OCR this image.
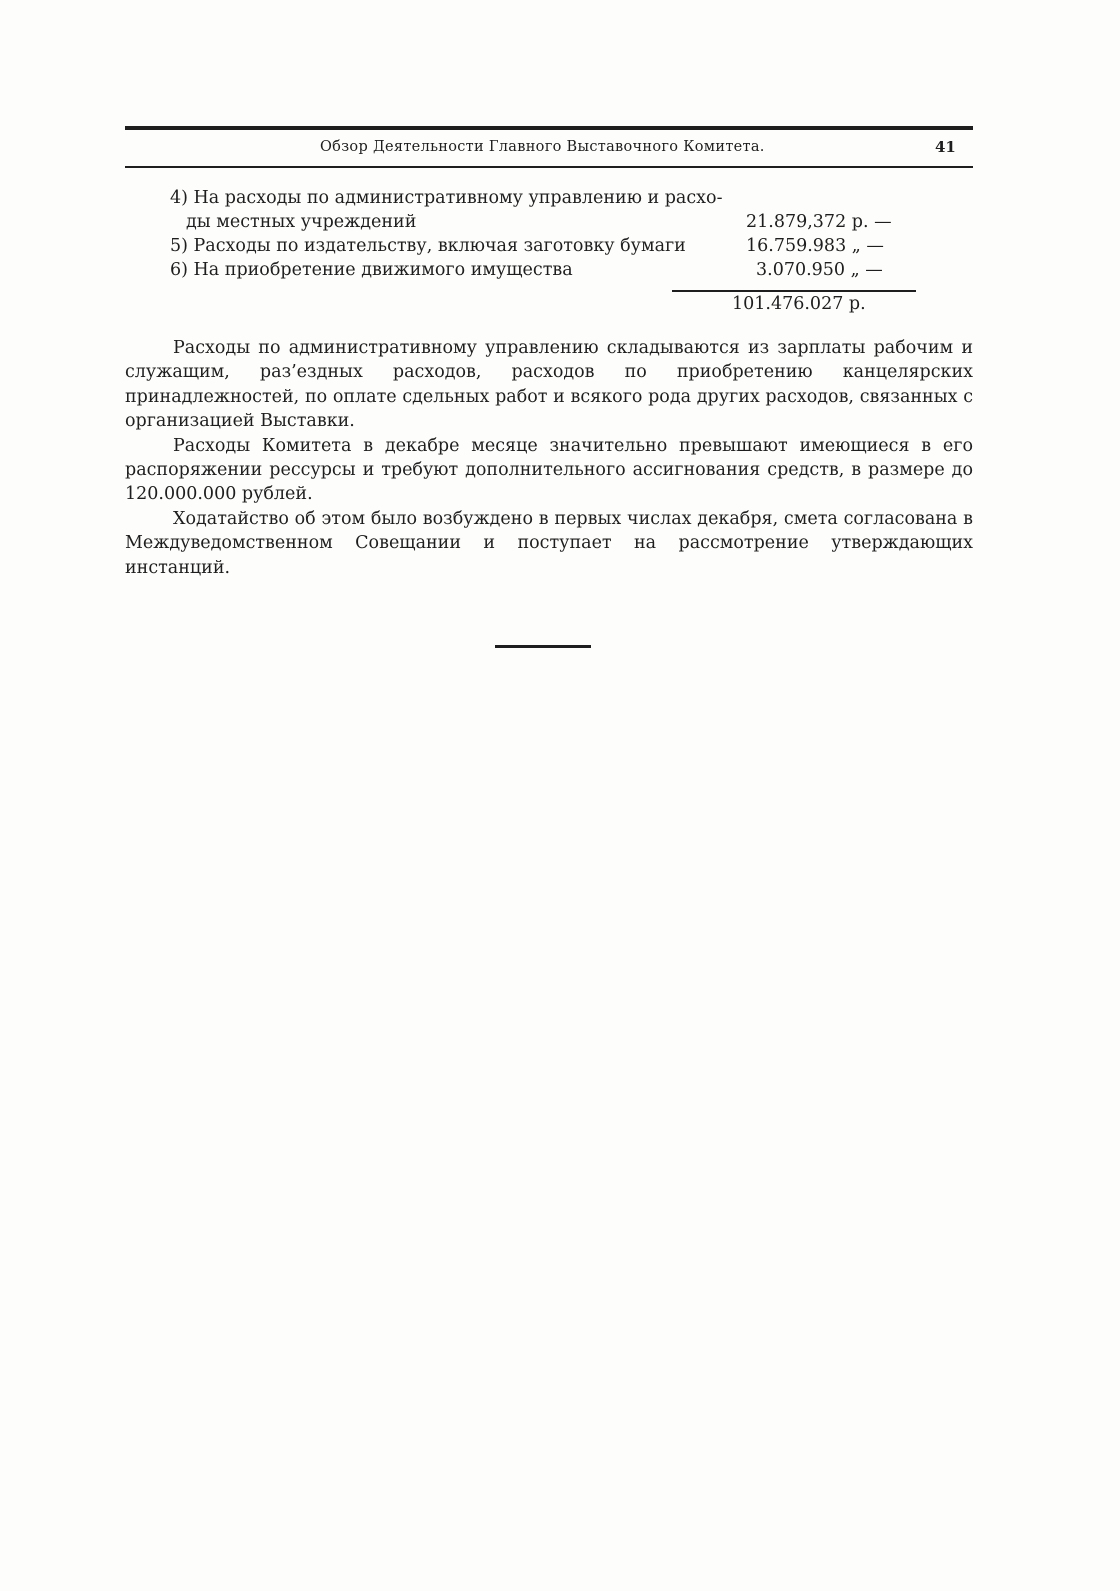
Обзор Деятельности Главного Выставочного Комитета.	41
4) На расходы по административному управлению и расхо-
ды местных учреждений	21.879,372 р. —
5) Расходы по издательству, включая заготовку бумаги	16.759.983 „ —
6) На приобретение движимого имущества	3.070.950 „ —
101.476.027 р.

Расходы по административному управлению складываются из зарплаты рабочим и служащим, раз’ездных расходов, расходов по приобретению канцелярских принадлежностей, по оплате сдельных работ и всякого рода других расходов, связанных с организацией Выставки.

Расходы Комитета в декабре месяце значительно превышают имеющиеся в его распоряжении рессурсы и требуют дополнительного ассигнования средств, в размере до 120.000.000 рублей.

Ходатайство об этом было возбуждено в первых числах декабря, смета согласована в Междуведомственном Совещании и поступает на рассмотрение утверждающих инстанций.
